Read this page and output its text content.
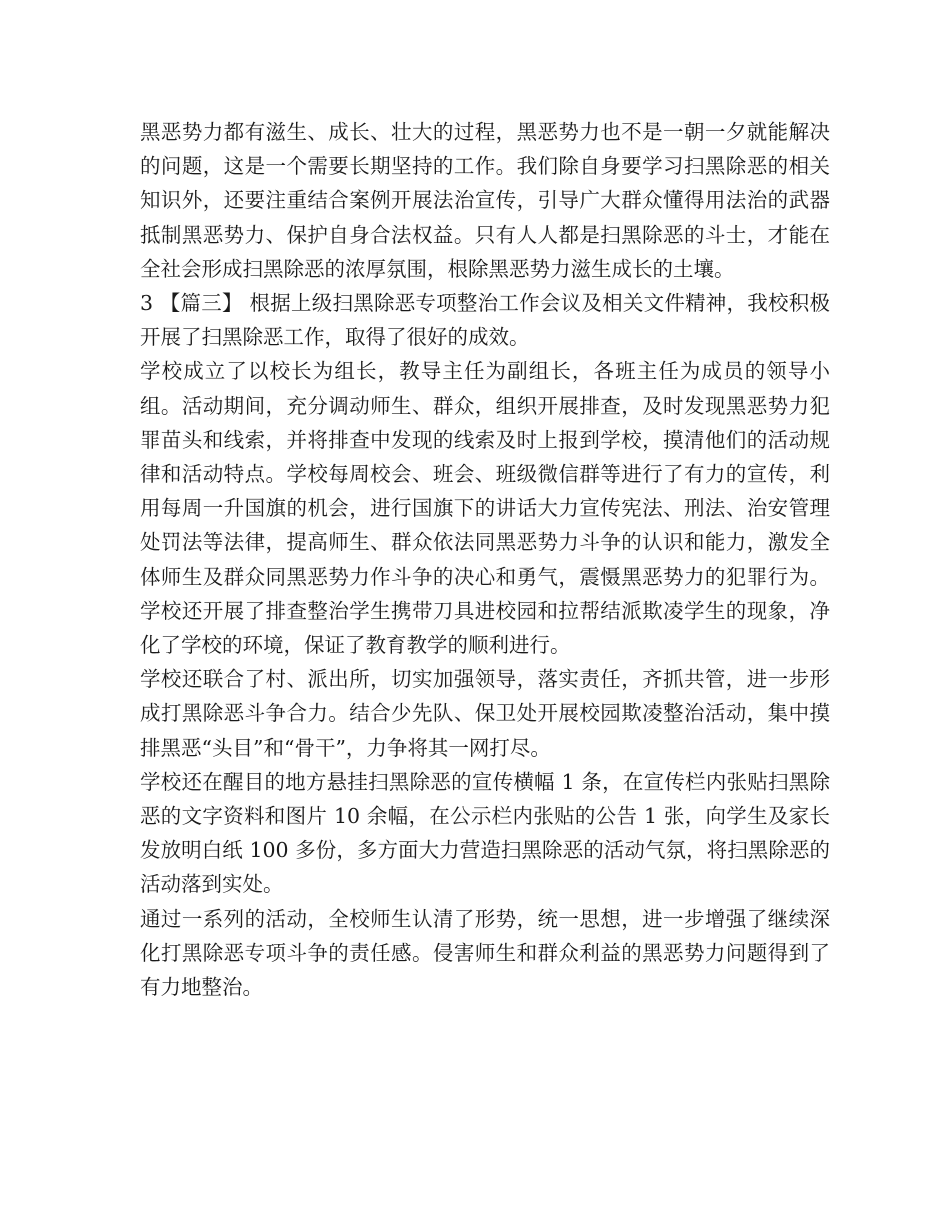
黑恶势力都有滋生、成长、壮大的过程，黑恶势力也不是一朝一夕就能解决的问题，这是一个需要长期坚持的工作。我们除自身要学习扫黑除恶的相关知识外，还要注重结合案例开展法治宣传，引导广大群众懂得用法治的武器抵制黑恶势力、保护自身合法权益。只有人人都是扫黑除恶的斗士，才能在全社会形成扫黑除恶的浓厚氛围，根除黑恶势力滋生成长的土壤。

3 【篇三】 根据上级扫黑除恶专项整治工作会议及相关文件精神，我校积极开展了扫黑除恶工作，取得了很好的成效。

学校成立了以校长为组长，教导主任为副组长，各班主任为成员的领导小组。活动期间，充分调动师生、群众，组织开展排查，及时发现黑恶势力犯罪苗头和线索，并将排查中发现的线索及时上报到学校，摸清他们的活动规律和活动特点。学校每周校会、班会、班级微信群等进行了有力的宣传，利用每周一升国旗的机会，进行国旗下的讲话大力宣传宪法、刑法、治安管理处罚法等法律，提高师生、群众依法同黑恶势力斗争的认识和能力，激发全体师生及群众同黑恶势力作斗争的决心和勇气，震慑黑恶势力的犯罪行为。学校还开展了排查整治学生携带刀具进校园和拉帮结派欺凌学生的现象，净化了学校的环境，保证了教育教学的顺利进行。

学校还联合了村、派出所，切实加强领导，落实责任，齐抓共管，进一步形成打黑除恶斗争合力。结合少先队、保卫处开展校园欺凌整治活动，集中摸排黑恶“头目”和“骨干”，力争将其一网打尽。

学校还在醒目的地方悬挂扫黑除恶的宣传横幅 1 条，在宣传栏内张贴扫黑除恶的文字资料和图片 10 余幅，在公示栏内张贴的公告 1 张，向学生及家长发放明白纸 100 多份，多方面大力营造扫黑除恶的活动气氛，将扫黑除恶的活动落到实处。

通过一系列的活动，全校师生认清了形势，统一思想，进一步增强了继续深化打黑除恶专项斗争的责任感。侵害师生和群众利益的黑恶势力问题得到了有力地整治。
